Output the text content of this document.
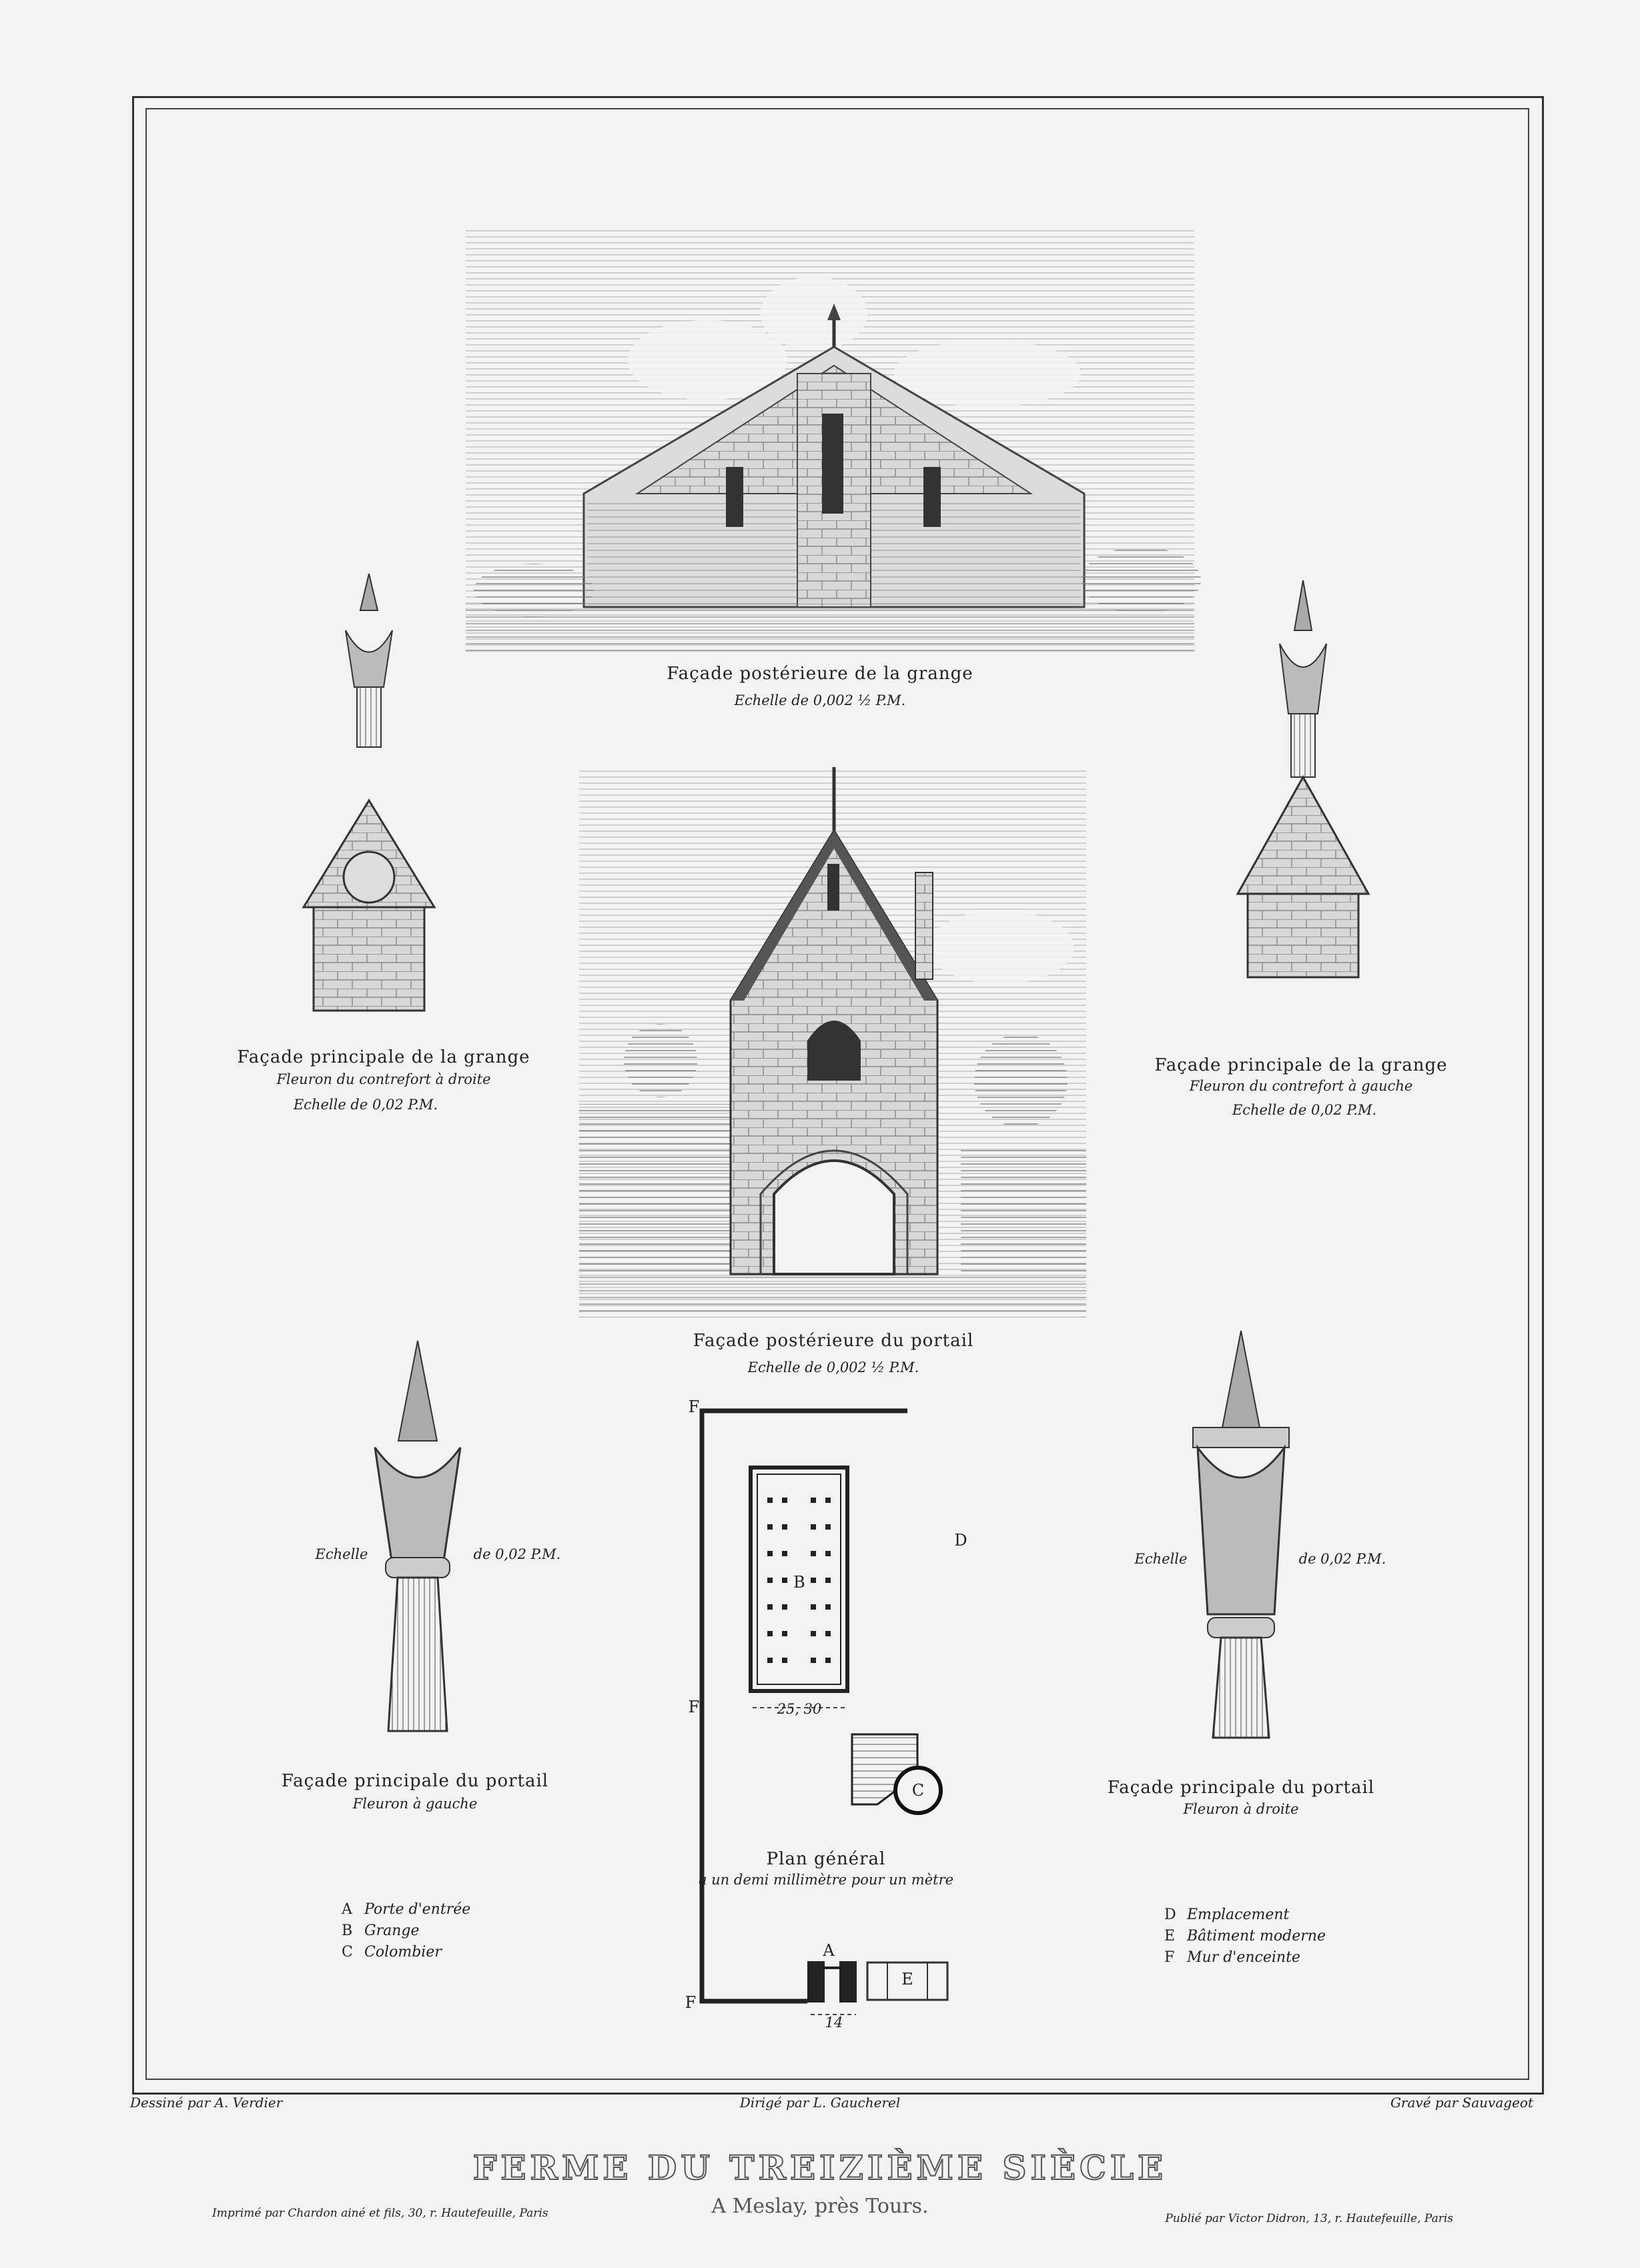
Façade postérieure de la grange
Echelle de 0,002 ½ P.M.
Façade postérieure du portail
Echelle de 0,002 ½ P.M.
Façade principale de la grange
Fleuron du contrefort à droite
Echelle de 0,02 P.M.
Façade principale de la grange
Fleuron du contrefort à gauche
Echelle de 0,02 P.M.
Echelle	de 0,02 P.M.
Façade principale du portail
Fleuron à gauche
Echelle	de 0,02 P.M.
Façade principale du portail
Fleuron à droite
Plan général
à un demi millimètre pour un mètre
F
F
F
B
D
C
A
E
25, 30
14
A Porte d'entrée
B Grange
C Colombier
D Emplacement
E Bâtiment moderne
F Mur d'enceinte
Dessiné par A. Verdier	Dirigé par L. Gaucherel	Gravé par Sauvageot
Imprimé par Chardon ainé et fils, 30, r. Hautefeuille, Paris	Publié par Victor Didron, 13, r. Hautefeuille, Paris
FERME DU TREIZIÈME SIÈCLE
A Meslay, près Tours.
